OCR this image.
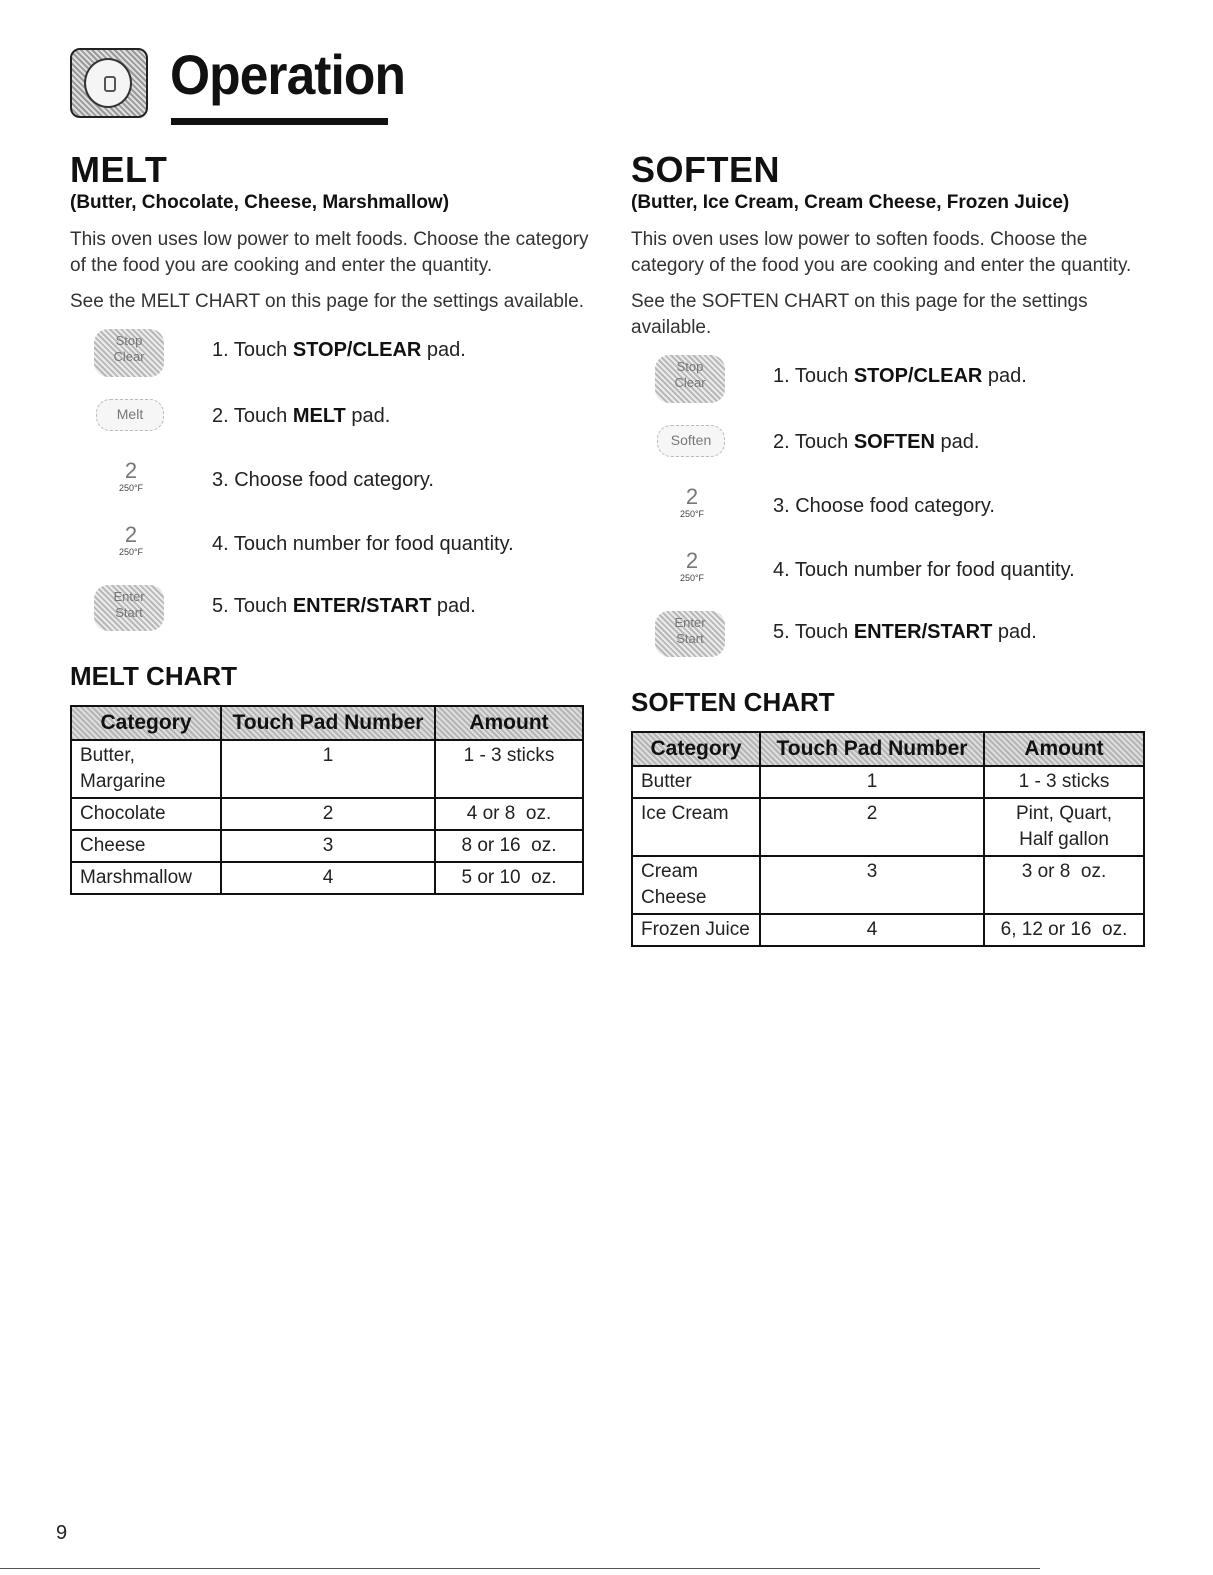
Operation
MELT
(Butter, Chocolate, Cheese, Marshmallow)
This oven uses low power to melt foods. Choose the category of the food you are cooking and enter the quantity.
See the MELT CHART on this page for the settings available.
Stop
Clear	1. Touch STOP/CLEAR pad.
Melt	2. Touch MELT pad.
2
250°F	3. Choose food category.
2
250°F	4. Touch number for food quantity.
Enter
Start	5. Touch ENTER/START pad.
MELT CHART
Category	Touch Pad Number	Amount
Butter,
Margarine	1	1 - 3 sticks
Chocolate	2	4 or 8  oz.
Cheese	3	8 or 16  oz.
Marshmallow	4	5 or 10  oz.
SOFTEN
(Butter, Ice Cream, Cream Cheese, Frozen Juice)
This oven uses low power to soften foods. Choose the category of the food you are cooking and enter the quantity.
See the SOFTEN CHART on this page for the settings available.
Stop
Clear	1. Touch STOP/CLEAR pad.
Soften	2. Touch SOFTEN pad.
2
250°F	3. Choose food category.
2
250°F	4. Touch number for food quantity.
Enter
Start	5. Touch ENTER/START pad.
SOFTEN CHART
Category	Touch Pad Number	Amount
Butter	1	1 - 3 sticks
Ice Cream	2	Pint, Quart,
Half gallon
Cream
Cheese	3	3 or 8  oz.
Frozen Juice	4	6, 12 or 16  oz.
9
